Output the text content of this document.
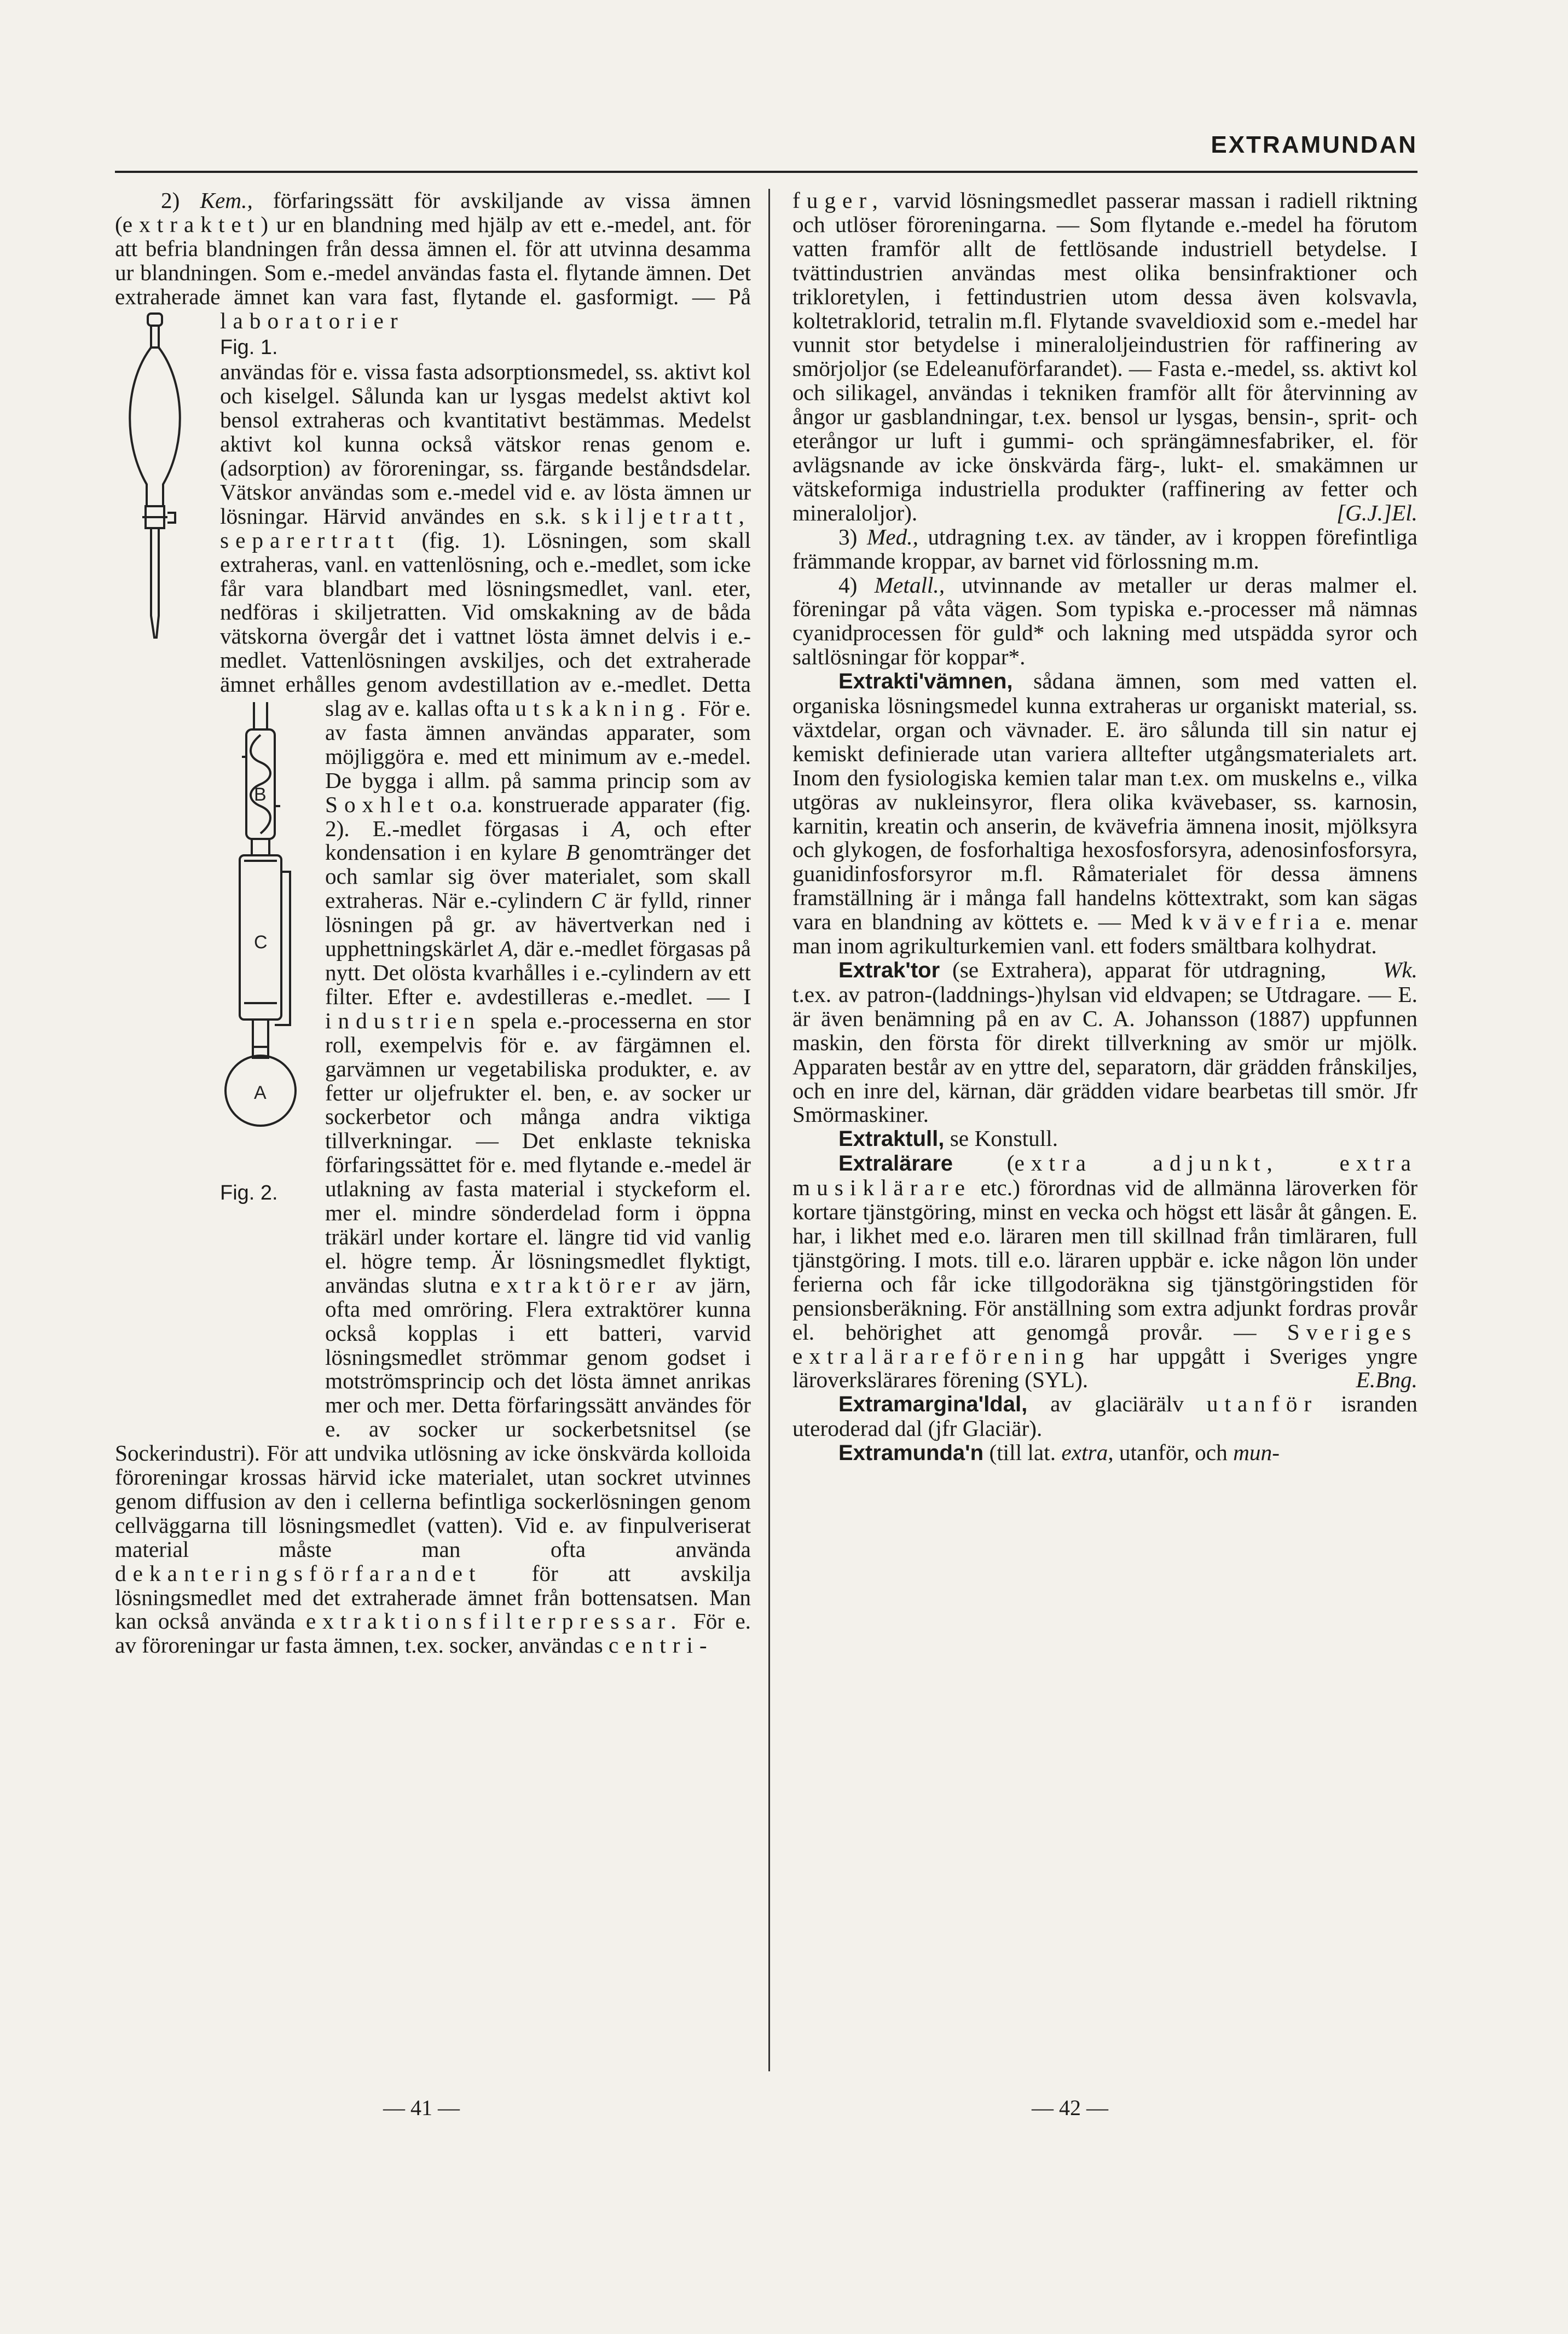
EXTRAMUNDAN

2) Kem., förfaringssätt för avskiljande av vissa ämnen (extraktet) ur en blandning med hjälp av ett e.-medel, ant. för att befria blandningen från dessa ämnen el. för att utvinna desamma ur blandningen. Som e.-medel användas fasta el. flytande ämnen. Det extraherade ämnet kan vara fast, flytande el. gasformigt. — På laboratorier

Fig. 1.
användas för e. vissa fasta adsorptionsmedel, ss. aktivt kol och kiselgel. Sålunda kan ur lysgas medelst aktivt kol bensol extraheras och kvantitativt bestämmas. Medelst aktivt kol kunna också vätskor renas genom e. (adsorption) av föroreningar, ss. färgande beståndsdelar. Vätskor användas som e.-medel vid e. av lösta ämnen ur lösningar. Härvid användes en s.k. skiljetratt, separertratt (fig. 1). Lösningen, som skall extraheras, vanl. en vattenlösning, och e.-medlet, som icke får vara blandbart med lösningsmedlet, vanl. eter, nedföras i skiljetratten. Vid omskakning av de båda vätskorna övergår det i vattnet lösta ämnet delvis i e.-medlet. Vattenlösningen avskiljes, och det extraherade ämnet erhålles genom avdestillation av e.-medlet. Detta slag av e. kallas ofta utskakning.
B
C
A
Fig. 2.
För e. av fasta ämnen användas apparater, som möjliggöra e. med ett minimum av e.-medel. De bygga i allm. på samma princip som av Soxhlet o.a. konstruerade apparater (fig. 2). E.-medlet förgasas i A, och efter kondensation i en kylare B genomtränger det och samlar sig över materialet, som skall extraheras. När e.-cylindern C är fylld, rinner lösningen på gr. av hävertverkan ned i upphettningskärlet A, där e.-medlet förgasas på nytt. Det olösta kvarhålles i e.-cylindern av ett filter. Efter e. avdestilleras e.-medlet. — I industrien spela e.-processerna en stor roll, exempelvis för e. av färgämnen el. garvämnen ur vegetabiliska produkter, e. av fetter ur oljefrukter el. ben, e. av socker ur sockerbetor och många andra viktiga tillverkningar. — Det enklaste tekniska förfaringssättet för e. med flytande e.-medel är utlakning av fasta material i styckeform el. mer el. mindre sönderdelad form i öppna träkärl under kortare el. längre tid vid vanlig el. högre temp. Är lösningsmedlet flyktigt, användas slutna extraktörer av järn, ofta med omröring. Flera extraktörer kunna också kopplas i ett batteri, varvid lösningsmedlet strömmar genom godset i motströmsprincip och det lösta ämnet anrikas mer och mer. Detta förfaringssätt användes för e. av socker ur sockerbetsnitsel (se Sockerindustri). För att undvika utlösning av icke önskvärda kolloida föroreningar krossas härvid icke materialet, utan sockret utvinnes genom diffusion av den i cellerna befintliga sockerlösningen genom cellväggarna till lösningsmedlet (vatten). Vid e. av finpulveriserat material måste man ofta använda dekanteringsförfarandet för att avskilja lösningsmedlet med det extraherade ämnet från bottensatsen. Man kan också använda extraktionsfilterpressar. För e. av föroreningar ur fasta ämnen, t.ex. socker, användas centri-

fuger, varvid lösningsmedlet passerar massan i radiell riktning och utlöser föroreningarna. — Som flytande e.-medel ha förutom vatten framför allt de fettlösande industriell betydelse. I tvättindustrien användas mest olika bensinfraktioner och trikloretylen, i fettindustrien utom dessa även kolsvavla, koltetraklorid, tetralin m.fl. Flytande svaveldioxid som e.-medel har vunnit stor betydelse i mineraloljeindustrien för raffinering av smörjoljor (se Edeleanuförfarandet). — Fasta e.-medel, ss. aktivt kol och silikagel, användas i tekniken framför allt för återvinning av ångor ur gasblandningar, t.ex. bensol ur lysgas, bensin-, sprit- och eterångor ur luft i gummi- och sprängämnesfabriker, el. för avlägsnande av icke önskvärda färg-, lukt- el. smakämnen ur vätskeformiga industriella produkter (raffinering av fetter och mineraloljor).	[G.J.]El.

3) Med., utdragning t.ex. av tänder, av i kroppen förefintliga främmande kroppar, av barnet vid förlossning m.m.

4) Metall., utvinnande av metaller ur deras malmer el. föreningar på våta vägen. Som typiska e.-processer må nämnas cyanidprocessen för guld* och lakning med utspädda syror och saltlösningar för koppar*.

Extrakti'vämnen, sådana ämnen, som med vatten el. organiska lösningsmedel kunna extraheras ur organiskt material, ss. växtdelar, organ och vävnader. E. äro sålunda till sin natur ej kemiskt definierade utan variera alltefter utgångsmaterialets art. Inom den fysiologiska kemien talar man t.ex. om muskelns e., vilka utgöras av nukleinsyror, flera olika kvävebaser, ss. karnosin, karnitin, kreatin och anserin, de kvävefria ämnena inosit, mjölksyra och glykogen, de fosforhaltiga hexosfosforsyra, adenosinfosforsyra, guanidinfosforsyror m.fl. Råmaterialet för dessa ämnens framställning är i många fall handelns köttextrakt, som kan sägas vara en blandning av köttets e. — Med kvävefria e. menar man inom agrikulturkemien vanl. ett foders smältbara kolhydrat.
Wk.

Extrak'tor (se Extrahera), apparat för utdragning, t.ex. av patron-(laddnings-)hylsan vid eldvapen; se Utdragare. — E. är även benämning på en av C. A. Johansson (1887) uppfunnen maskin, den första för direkt tillverkning av smör ur mjölk. Apparaten består av en yttre del, separatorn, där grädden frånskiljes, och en inre del, kärnan, där grädden vidare bearbetas till smör. Jfr Smörmaskiner.

Extraktull, se Konstull.

Extralärare (extra adjunkt, extra musiklärare etc.) förordnas vid de allmänna läroverken för kortare tjänstgöring, minst en vecka och högst ett läsår åt gången. E. har, i likhet med e.o. läraren men till skillnad från timläraren, full tjänstgöring. I mots. till e.o. läraren uppbär e. icke någon lön under ferierna och får icke tillgodoräkna sig tjänstgöringstiden för pensionsberäkning. För anställning som extra adjunkt fordras provår el. behörighet att genomgå provår. — Sveriges extralärareförening har uppgått i Sveriges yngre läroverkslärares förening (SYL).	E.Bng.

Extramargina'ldal, av glaciärälv utanför isranden uteroderad dal (jfr Glaciär).

Extramunda'n (till lat. extra, utanför, och mun-

— 41 —	— 42 —
